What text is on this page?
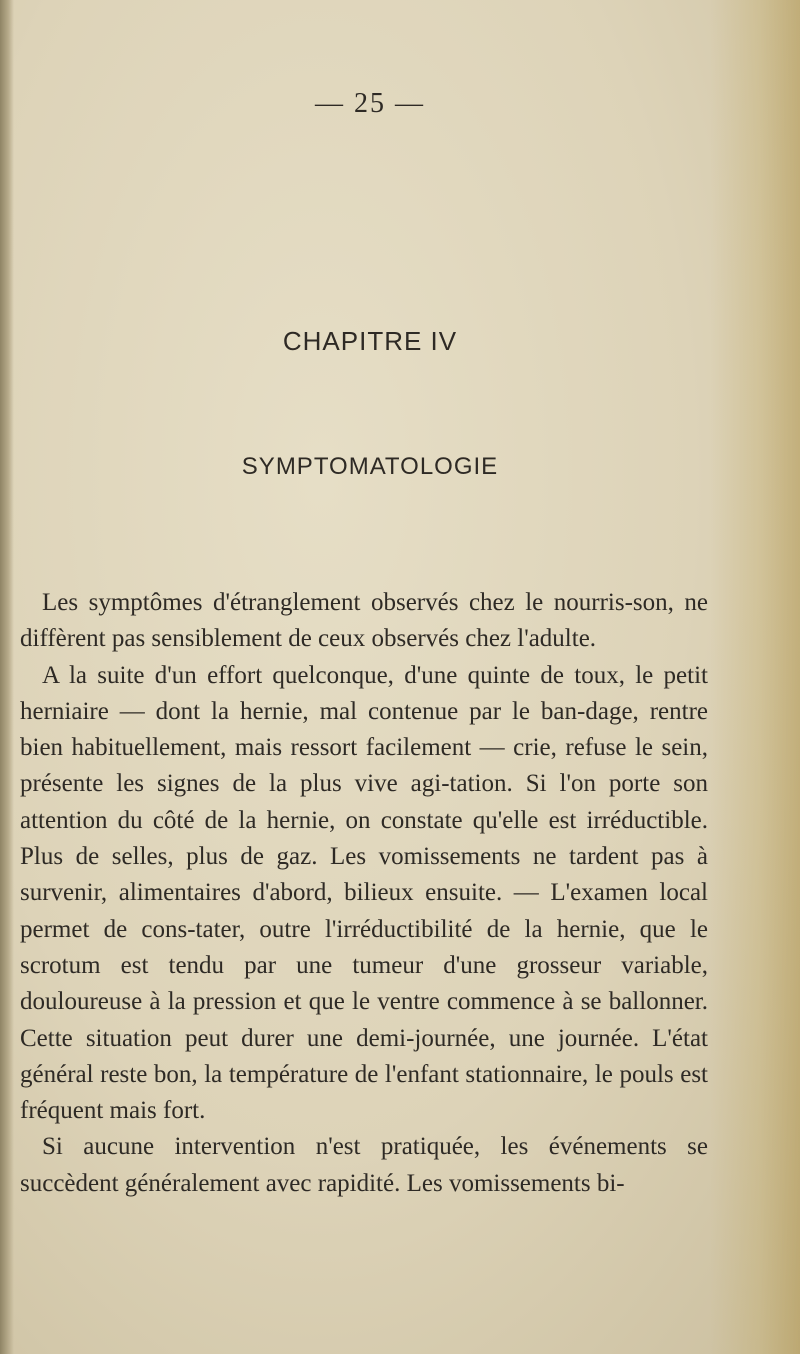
— 25 —
CHAPITRE IV
SYMPTOMATOLOGIE

Les symptômes d'étranglement observés chez le nourris-son, ne diffèrent pas sensiblement de ceux observés chez l'adulte.

A la suite d'un effort quelconque, d'une quinte de toux, le petit herniaire — dont la hernie, mal contenue par le ban-dage, rentre bien habituellement, mais ressort facilement — crie, refuse le sein, présente les signes de la plus vive agi-tation. Si l'on porte son attention du côté de la hernie, on constate qu'elle est irréductible. Plus de selles, plus de gaz. Les vomissements ne tardent pas à survenir, alimentaires d'abord, bilieux ensuite. — L'examen local permet de cons-tater, outre l'irréductibilité de la hernie, que le scrotum est tendu par une tumeur d'une grosseur variable, douloureuse à la pression et que le ventre commence à se ballonner. Cette situation peut durer une demi-journée, une journée. L'état général reste bon, la température de l'enfant stationnaire, le pouls est fréquent mais fort.

Si aucune intervention n'est pratiquée, les événements se succèdent généralement avec rapidité. Les vomissements bi-
